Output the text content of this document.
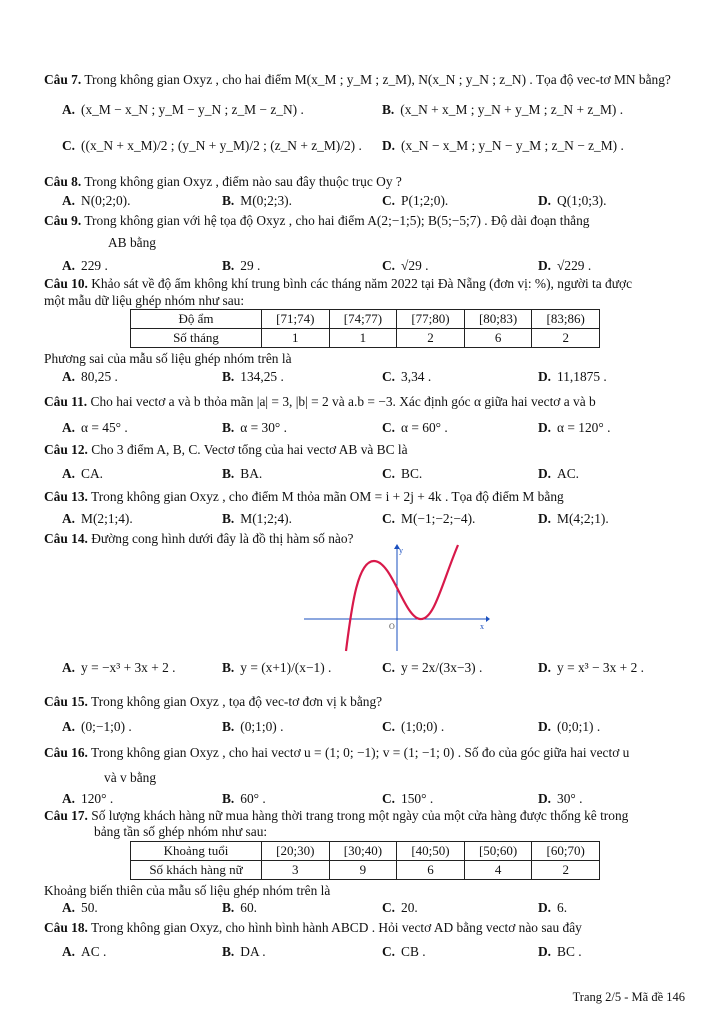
Câu 7. Trong không gian Oxyz , cho hai điểm M(x_M ; y_M ; z_M), N(x_N ; y_N ; z_N) . Tọa độ vec-tơ MN bằng?
A. (x_M − x_N ; y_M − y_N ; z_M − z_N) .	B. (x_N + x_M ; y_N + y_M ; z_N + z_M) .
C. ((x_N + x_M)/2 ; (y_N + y_M)/2 ; (z_N + z_M)/2) . D. (x_N − x_M ; y_N − y_M ; z_N − z_M) .
Câu 8. Trong không gian Oxyz , điểm nào sau đây thuộc trục Oy ?
A. N(0;2;0).	B. M(0;2;3).	C. P(1;2;0).	D. Q(1;0;3).
Câu 9. Trong không gian với hệ tọa độ Oxyz , cho hai điểm A(2;−1;5); B(5;−5;7) . Độ dài đoạn thẳng
AB bằng
A. 229 .	B. 29 .	C. √29 .	D. √229 .
Câu 10. Khảo sát về độ ẩm không khí trung bình các tháng năm 2022 tại Đà Nẵng (đơn vị: %), người ta được
một mẫu dữ liệu ghép nhóm như sau:
Độ ẩm	[71;74)	[74;77)	[77;80)	[80;83)	[83;86)
Số tháng	1	1	2	6	2
Phương sai của mẫu số liệu ghép nhóm trên là
A. 80,25 .	B. 134,25 .	C. 3,34 .	D. 11,1875 .
Câu 11. Cho hai vectơ a và b thỏa mãn |a| = 3, |b| = 2 và a.b = −3. Xác định góc α giữa hai vectơ a và b
A. α = 45° .	B. α = 30° .	C. α = 60° .	D. α = 120° .
Câu 12. Cho 3 điểm A, B, C. Vectơ tổng của hai vectơ AB và BC là
A. CA.	B. BA.	C. BC.	D. AC.
Câu 13. Trong không gian Oxyz , cho điểm M thỏa mãn OM = i + 2j + 4k . Tọa độ điểm M bằng
A. M(2;1;4).	B. M(1;2;4).	C. M(−1;−2;−4).	D. M(4;2;1).
Câu 14. Đường cong hình dưới đây là đồ thị hàm số nào?
y
x
O
A. y = −x³ + 3x + 2 .	B. y = (x+1)/(x−1) .	C. y = 2x/(3x−3) .	D. y = x³ − 3x + 2 .
Câu 15. Trong không gian Oxyz , tọa độ vec-tơ đơn vị k bằng?
A. (0;−1;0) .	B. (0;1;0) .	C. (1;0;0) .	D. (0;0;1) .
Câu 16. Trong không gian Oxyz , cho hai vectơ u = (1; 0; −1); v = (1; −1; 0) . Số đo của góc giữa hai vectơ u
và v bằng
A. 120° .	B. 60° .	C. 150° .	D. 30° .
Câu 17. Số lượng khách hàng nữ mua hàng thời trang trong một ngày của một cửa hàng được thống kê trong
bảng tần số ghép nhóm như sau:
Khoảng tuổi	[20;30)	[30;40)	[40;50)	[50;60)	[60;70)
Số khách hàng nữ	3	9	6	4	2
Khoảng biến thiên của mẫu số liệu ghép nhóm trên là
A. 50.	B. 60.	C. 20.	D. 6.
Câu 18. Trong không gian Oxyz, cho hình bình hành ABCD . Hỏi vectơ AD bằng vectơ nào sau đây
A. AC .	B. DA .	C. CB .	D. BC .
Trang 2/5 - Mã đề 146
